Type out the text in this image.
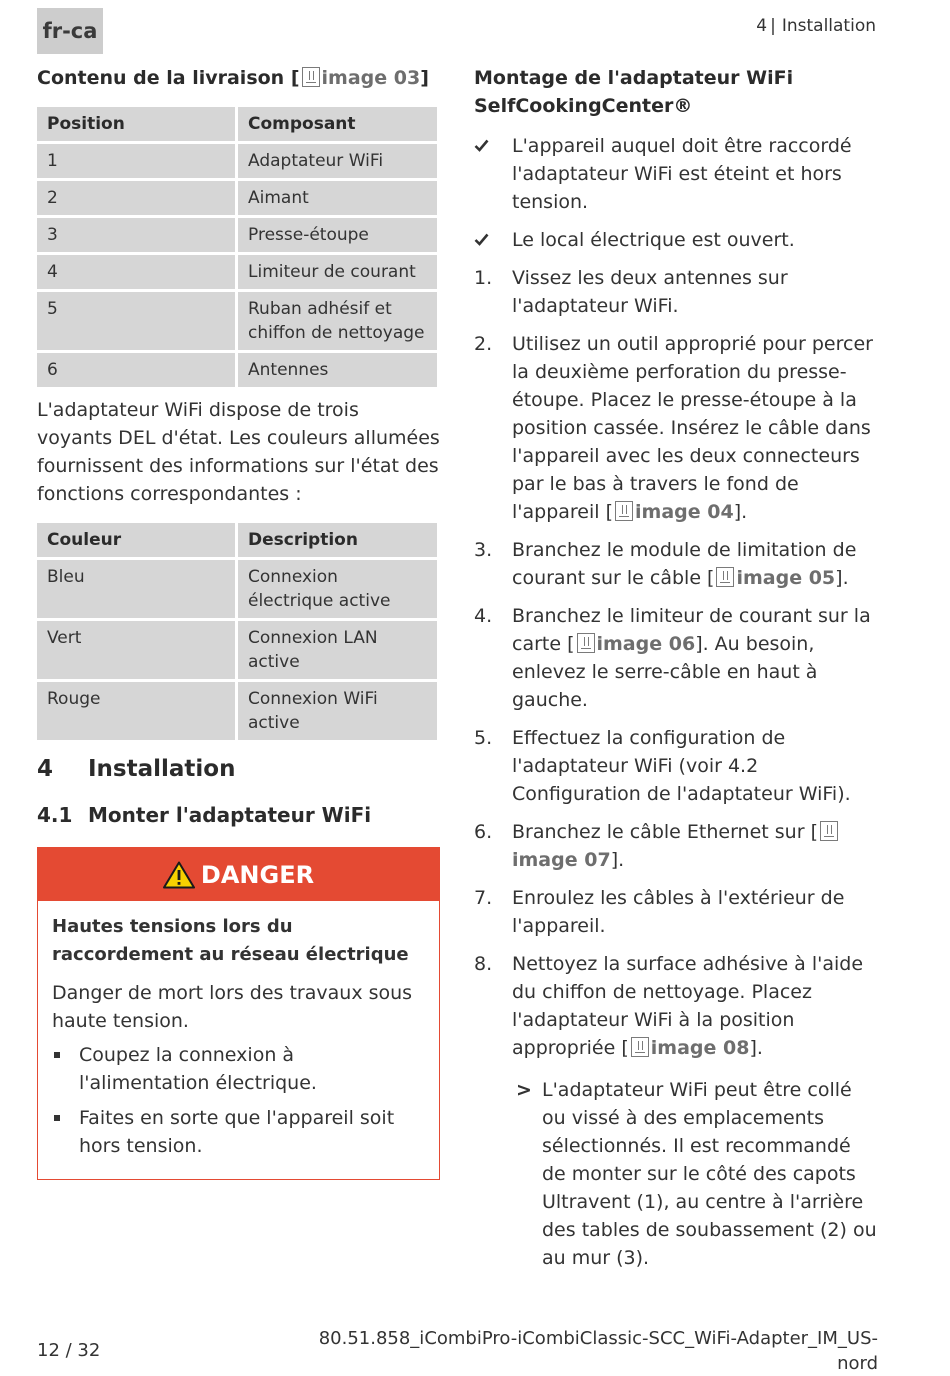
fr-ca	4 | Installation
Contenu de la livraison [ image 03]
Position	Composant
1	Adaptateur WiFi
2	Aimant
3	Presse-étoupe
4	Limiteur de courant
5	Ruban adhésif et chiffon de nettoyage
6	Antennes

L'adaptateur WiFi dispose de trois voyants DEL d'état. Les couleurs allumées fournissent des informations sur l'état des fonctions correspondantes :

Couleur	Description
Bleu	Connexion électrique active
Vert	Connexion LAN active
Rouge	Connexion WiFi active
4	Installation
4.1 Monter l'adaptateur WiFi
DANGER

Hautes tensions lors du raccordement au réseau électrique

Danger de mort lors des travaux sous haute tension.

Coupez la connexion à l'alimentation électrique.
Faites en sorte que l'appareil soit hors tension.
Montage de l'adaptateur WiFi SelfCookingCenter®
L'appareil auquel doit être raccordé l'adaptateur WiFi est éteint et hors tension.
Le local électrique est ouvert.
1. Vissez les deux antennes sur l'adaptateur WiFi.
2. Utilisez un outil approprié pour percer la deuxième perforation du presse-étoupe. Placez le presse-étoupe à la position cassée. Insérez le câble dans l'appareil avec les deux connecteurs par le bas à travers le fond de l'appareil [ image 04].
3. Branchez le module de limitation de courant sur le câble [ image 05].
4. Branchez le limiteur de courant sur la carte [ image 06]. Au besoin, enlevez le serre-câble en haut à gauche.
5. Effectuez la configuration de l'adaptateur WiFi (voir 4.2 Configuration de l'adaptateur WiFi).
6. Branchez le câble Ethernet sur [image 07].
7. Enroulez les câbles à l'extérieur de l'appareil.
8. Nettoyez la surface adhésive à l'aide du chiffon de nettoyage. Placez l'adaptateur WiFi à la position appropriée [ image 08].
> L'adaptateur WiFi peut être collé ou vissé à des emplacements sélectionnés. Il est recommandé de monter sur le côté des capots Ultravent (1), au centre à l'arrière des tables de soubassement (2) ou au mur (3).
12 / 32
80.51.858_iCombiPro-iCombiClassic-SCC_WiFi-Adapter_IM_US-nord
